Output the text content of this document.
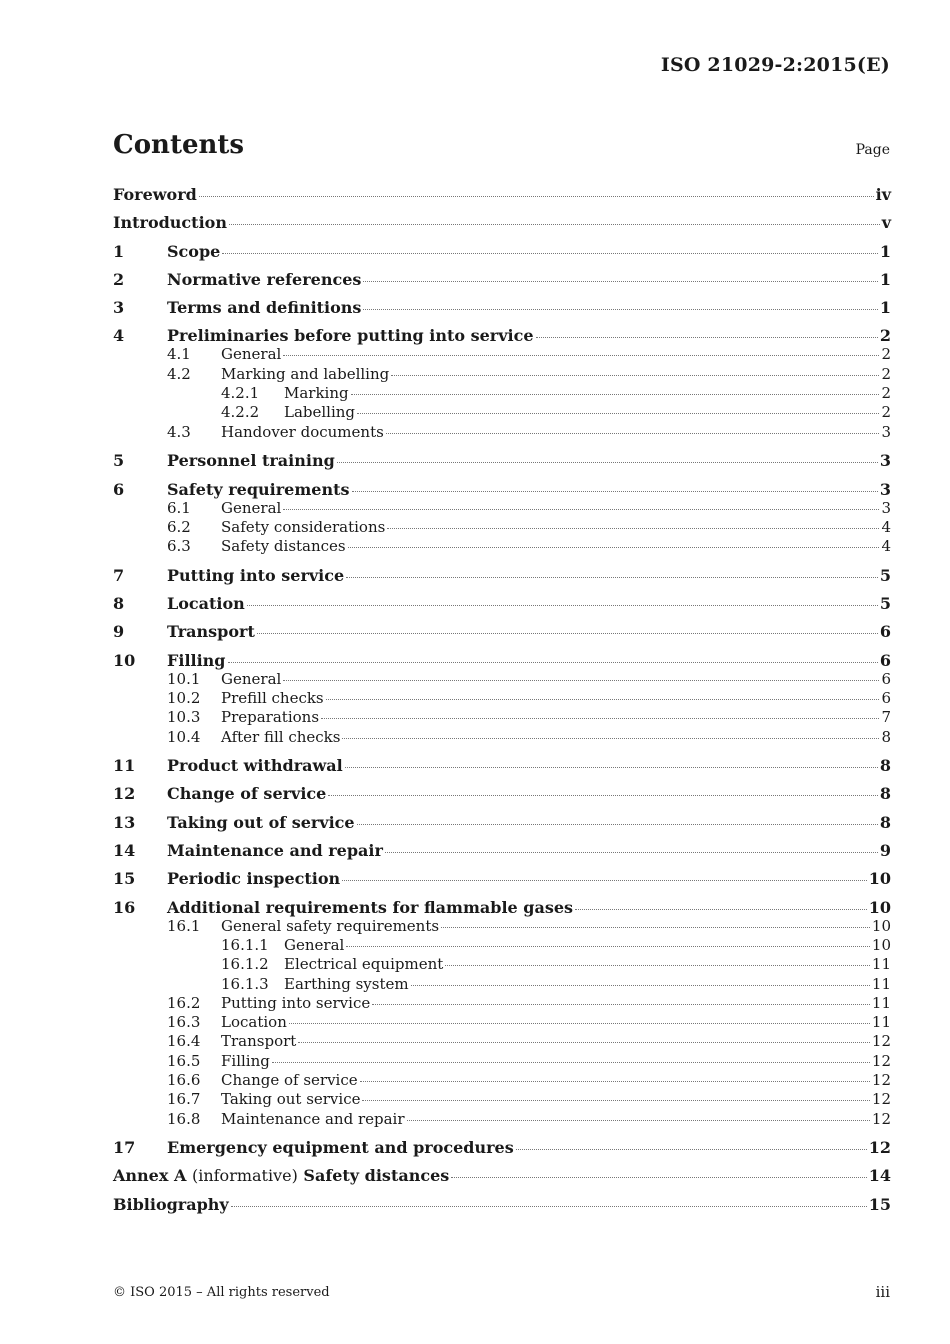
ISO 21029-2:2015(E)
Contents	Page
Foreword	iv
Introduction	v
1	Scope	1
2	Normative references	1
3	Terms and definitions	1
4	Preliminaries before putting into service	2
4.1	General	2
4.2	Marking and labelling	2
4.2.1	Marking	2
4.2.2	Labelling	2
4.3	Handover documents	3
5	Personnel training	3
6	Safety requirements	3
6.1	General	3
6.2	Safety considerations	4
6.3	Safety distances	4
7	Putting into service	5
8	Location	5
9	Transport	6
10	Filling	6
10.1	General	6
10.2	Prefill checks	6
10.3	Preparations	7
10.4	After fill checks	8
11	Product withdrawal	8
12	Change of service	8
13	Taking out of service	8
14	Maintenance and repair	9
15	Periodic inspection	10
16	Additional requirements for flammable gases	10
16.1	General safety requirements	10
16.1.1	General	10
16.1.2	Electrical equipment	11
16.1.3	Earthing system	11
16.2	Putting into service	11
16.3	Location	11
16.4	Transport	12
16.5	Filling	12
16.6	Change of service	12
16.7	Taking out service	12
16.8	Maintenance and repair	12
17	Emergency equipment and procedures	12
Annex A (informative) Safety distances	14
Bibliography	15
© ISO 2015 – All rights reserved	iii
